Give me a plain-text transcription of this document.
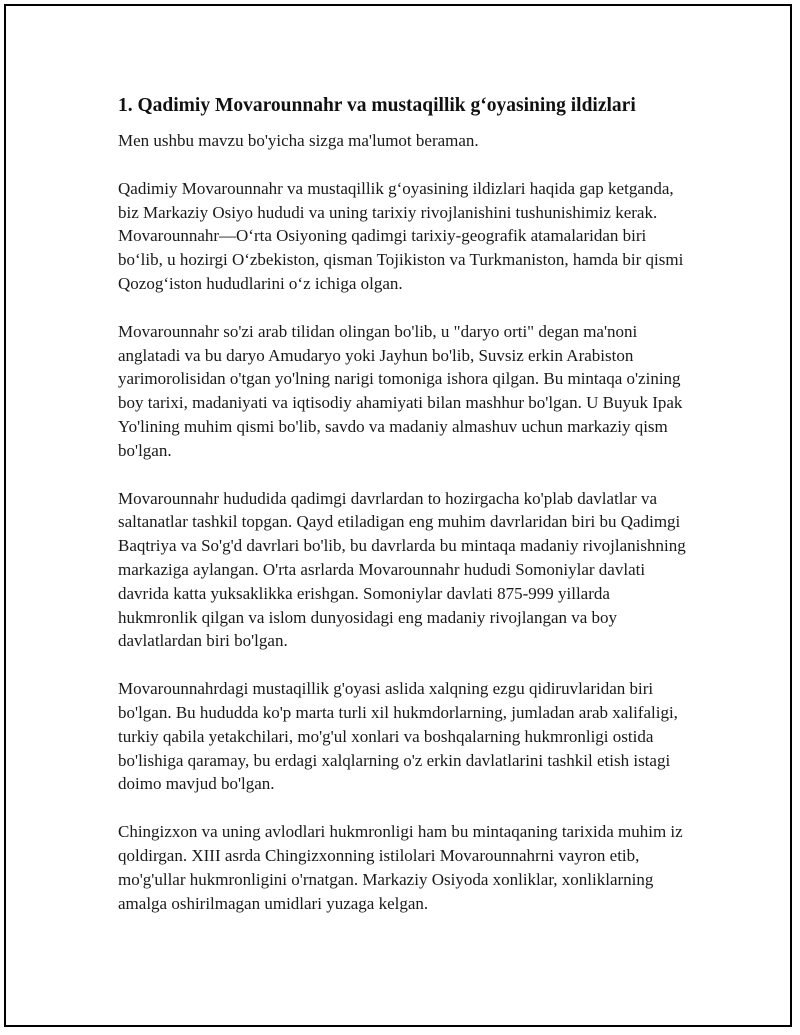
1. Qadimiy Movarounnahr va mustaqillik g‘oyasining ildizlari

Men ushbu mavzu bo'yicha sizga ma'lumot beraman.

Qadimiy Movarounnahr va mustaqillik g‘oyasining ildizlari haqida gap ketganda, biz Markaziy Osiyo hududi va uning tarixiy rivojlanishini tushunishimiz kerak. Movarounnahr—O‘rta Osiyoning qadimgi tarixiy-geografik atamalaridan biri bo‘lib, u hozirgi O‘zbekiston, qisman Tojikiston va Turkmaniston, hamda bir qismi Qozog‘iston hududlarini o‘z ichiga olgan.

Movarounnahr so'zi arab tilidan olingan bo'lib, u "daryo orti" degan ma'noni anglatadi va bu daryo Amudaryo yoki Jayhun bo'lib, Suvsiz erkin Arabiston yarimorolisidan o'tgan yo'lning narigi tomoniga ishora qilgan. Bu mintaqa o'zining boy tarixi, madaniyati va iqtisodiy ahamiyati bilan mashhur bo'lgan. U Buyuk Ipak Yo'lining muhim qismi bo'lib, savdo va madaniy almashuv uchun markaziy qism bo'lgan.

Movarounnahr hududida qadimgi davrlardan to hozirgacha ko'plab davlatlar va saltanatlar tashkil topgan. Qayd etiladigan eng muhim davrlaridan biri bu Qadimgi Baqtriya va So'g'd davrlari bo'lib, bu davrlarda bu mintaqa madaniy rivojlanishning markaziga aylangan. O'rta asrlarda Movarounnahr hududi Somoniylar davlati davrida katta yuksaklikka erishgan. Somoniylar davlati 875-999 yillarda hukmronlik qilgan va islom dunyosidagi eng madaniy rivojlangan va boy davlatlardan biri bo'lgan.

Movarounnahrdagi mustaqillik g'oyasi aslida xalqning ezgu qidiruvlaridan biri bo'lgan. Bu hududda ko'p marta turli xil hukmdorlarning, jumladan arab xalifaligi, turkiy qabila yetakchilari, mo'g'ul xonlari va boshqalarning hukmronligi ostida bo'lishiga qaramay, bu erdagi xalqlarning o'z erkin davlatlarini tashkil etish istagi doimo mavjud bo'lgan.

Chingizxon va uning avlodlari hukmronligi ham bu mintaqaning tarixida muhim iz qoldirgan. XIII asrda Chingizxonning istilolari Movarounnahrni vayron etib, mo'g'ullar hukmronligini o'rnatgan. Markaziy Osiyoda xonliklar, xonliklarning amalga oshirilmagan umidlari yuzaga kelgan.
